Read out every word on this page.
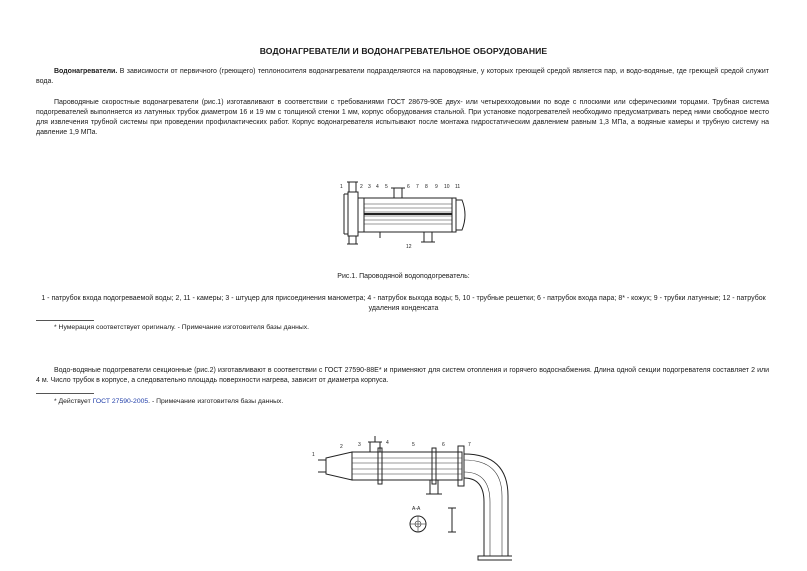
ВОДОНАГРЕВАТЕЛИ И ВОДОНАГРЕВАТЕЛЬНОЕ ОБОРУДОВАНИЕ
Водонагреватели. В зависимости от первичного (греющего) теплоносителя водонагреватели подразделяются на пароводяные, у которых греющей средой является пар, и водо-водяные, где греющей средой служит вода.
Пароводяные скоростные водонагреватели (рис.1) изготавливают в соответствии с требованиями ГОСТ 28679-90Е двух- или четырехходовыми по воде с плоскими или сферическими торцами. Трубная система подогревателей выполняется из латунных трубок диаметром 16 и 19 мм с толщиной стенки 1 мм, корпус оборудования стальной. При установке подогревателей необходимо предусматривать перед ними свободное место для извлечения трубной системы при проведении профилактических работ. Корпус водонагревателя испытывают после монтажа гидростатическим давлением равным 1,3 МПа, а водяные камеры и трубную систему на давление 1,9 МПа.
1	2 3 4 5	6 7 8 9 10 11
12
Рис.1. Пароводяной водоподогреватель:
1 - патрубок входа подогреваемой воды; 2, 11 - камеры; 3 - штуцер для присоединения манометра; 4 - патрубок выхода воды; 5, 10 - трубные решетки; 6 - патрубок входа пара; 8* - кожух; 9 - трубки латунные; 12 - патрубок удаления конденсата
* Нумерация соответствует оригиналу. - Примечание изготовителя базы данных.
Водо-водяные подогреватели секционные (рис.2) изготавливают в соответствии с ГОСТ 27590-88Е* и применяют для систем отопления и горячего водоснабжения. Длина одной секции подогревателя составляет 2 или 4 м. Число трубок в корпусе, а следовательно площадь поверхности нагрева, зависит от диаметра корпуса.
* Действует ГОСТ 27590-2005. - Примечание изготовителя базы данных.
1
2	3	4	5	6	7
А-А
